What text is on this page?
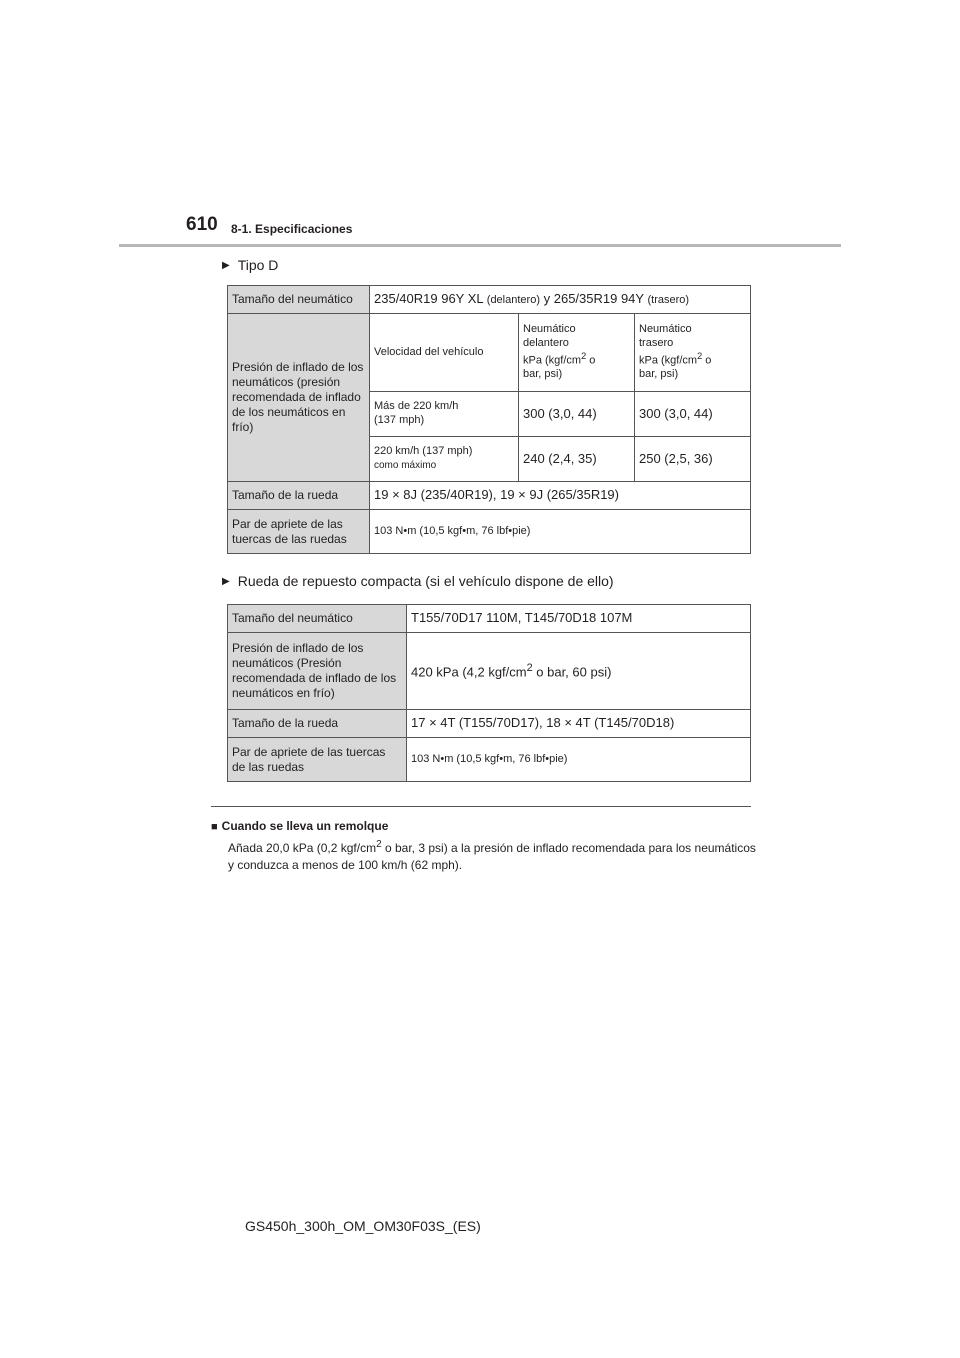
610 8-1. Especificaciones
▶ Tipo D
Tamaño del neumático	235/40R19 96Y XL (delantero) y 265/35R19 94Y (trasero)		
Presión de inflado de los neumáticos (presión recomendada de inflado de los neumáticos en frío)	Velocidad del vehículo	Neumático
delantero
kPa ($kgf/cm^2$ o
bar, psi)	Neumático
trasero
kPa ($kgf/cm^2$ o
bar, psi)
	Más de 220 km/h
(137 mph)	300 (3,0, 44)	300 (3,0, 44)
	220 km/h (137 mph)
como máximo	240 (2,4, 35)	250 (2,5, 36)
Tamaño de la rueda	19 × 8J (235/40R19), 19 × 9J (265/35R19)		
Par de apriete de las tuercas de las ruedas	103 N•m (10,5 kgf•m, 76 lbf•pie)		
▶ Rueda de repuesto compacta (si el vehículo dispone de ello)
Tamaño del neumático	T155/70D17 110M, T145/70D18 107M
Presión de inflado de los neumáticos (Presión recomendada de inflado de los neumáticos en frío)	420 kPa (4,2 kgf/$cm^2$ o bar, 60 psi)
Tamaño de la rueda	17 × 4T (T155/70D17), 18 × 4T (T145/70D18)
Par de apriete de las tuercas de las ruedas	103 N•m (10,5 kgf•m, 76 lbf•pie)
■ Cuando se lleva un remolque
Añada 20,0 kPa (0,2 kgf/$cm^2$ o bar, 3 psi) a la presión de inflado recomendada para los neumáticos y conduzca a menos de 100 km/h (62 mph).
GS450h_300h_OM_OM30F03S_(ES)
